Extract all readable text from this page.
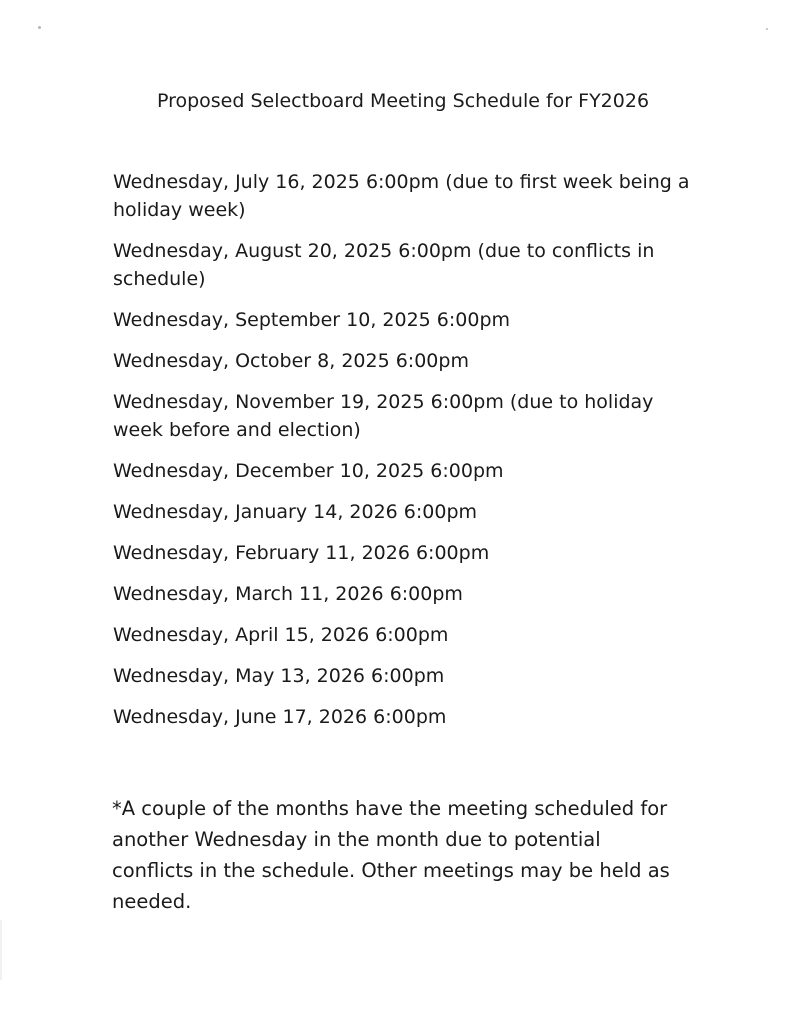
Proposed Selectboard Meeting Schedule for FY2026
Wednesday, July 16, 2025 6:00pm (due to first week being a holiday week)
Wednesday, August 20, 2025 6:00pm (due to conflicts in schedule)
Wednesday, September 10, 2025 6:00pm
Wednesday, October 8, 2025 6:00pm
Wednesday, November 19, 2025 6:00pm (due to holiday week before and election)
Wednesday, December 10, 2025 6:00pm
Wednesday, January 14, 2026 6:00pm
Wednesday, February 11, 2026 6:00pm
Wednesday, March 11, 2026 6:00pm
Wednesday, April 15, 2026 6:00pm
Wednesday, May 13, 2026 6:00pm
Wednesday, June 17, 2026 6:00pm
*A couple of the months have the meeting scheduled for another Wednesday in the month due to potential conflicts in the schedule. Other meetings may be held as needed.
